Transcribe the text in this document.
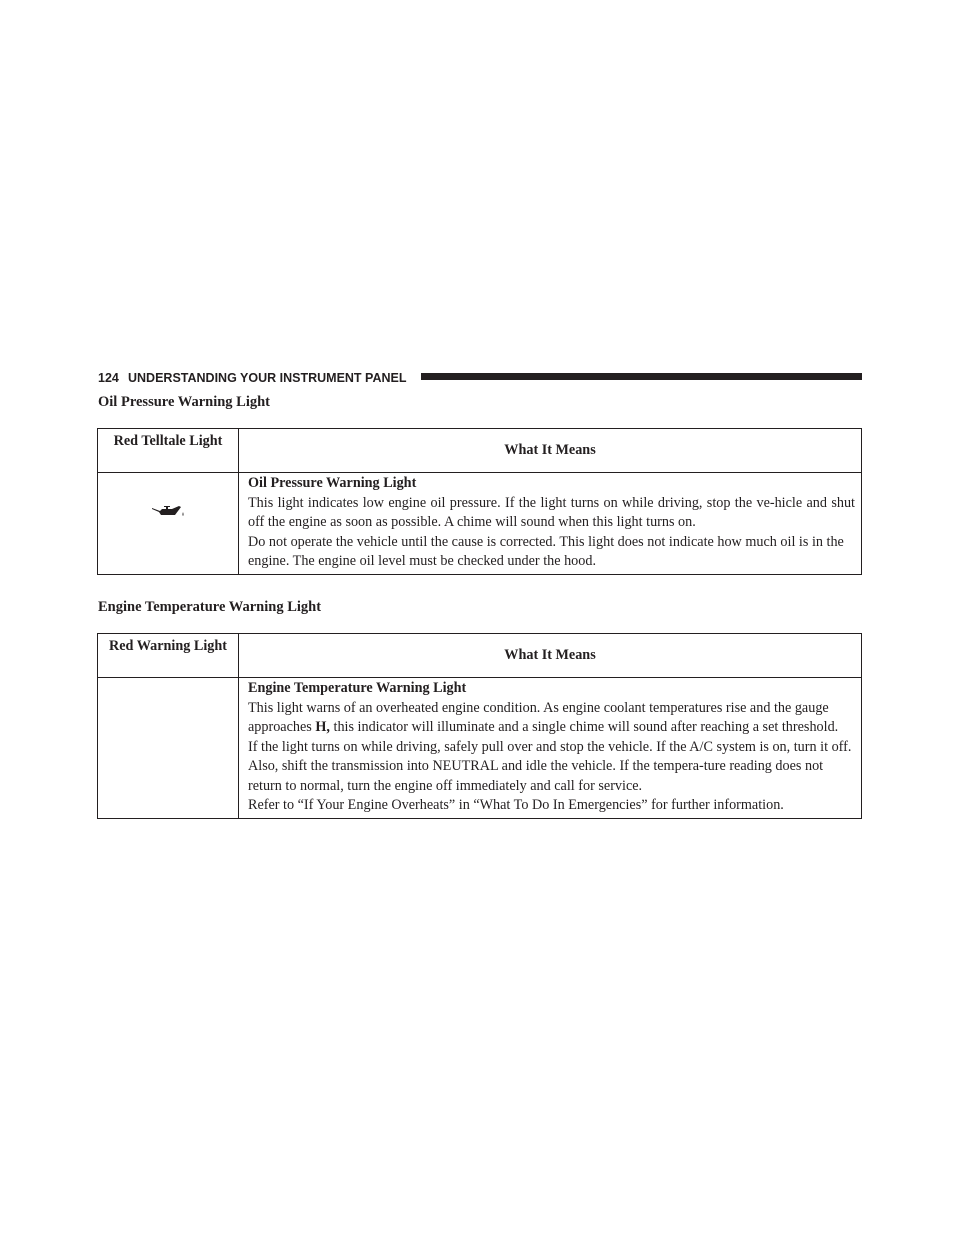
124 UNDERSTANDING YOUR INSTRUMENT PANEL
Oil Pressure Warning Light
Red Telltale Light	What It Means

Oil Pressure Warning Light

This light indicates low engine oil pressure. If the light turns on while driving, stop the ve-hicle and shut off the engine as soon as possible. A chime will sound when this light turns on.

Do not operate the vehicle until the cause is corrected. This light does not indicate how much oil is in the engine. The engine oil level must be checked under the hood.

Engine Temperature Warning Light
Red Warning Light	What It Means

	Engine Temperature Warning Light

This light warns of an overheated engine condition. As engine coolant temperatures rise and the gauge approaches H, this indicator will illuminate and a single chime will sound after reaching a set threshold.

If the light turns on while driving, safely pull over and stop the vehicle. If the A/C system is on, turn it off. Also, shift the transmission into NEUTRAL and idle the vehicle. If the tempera-ture reading does not return to normal, turn the engine off immediately and call for service.

Refer to “If Your Engine Overheats” in “What To Do In Emergencies” for further information.
